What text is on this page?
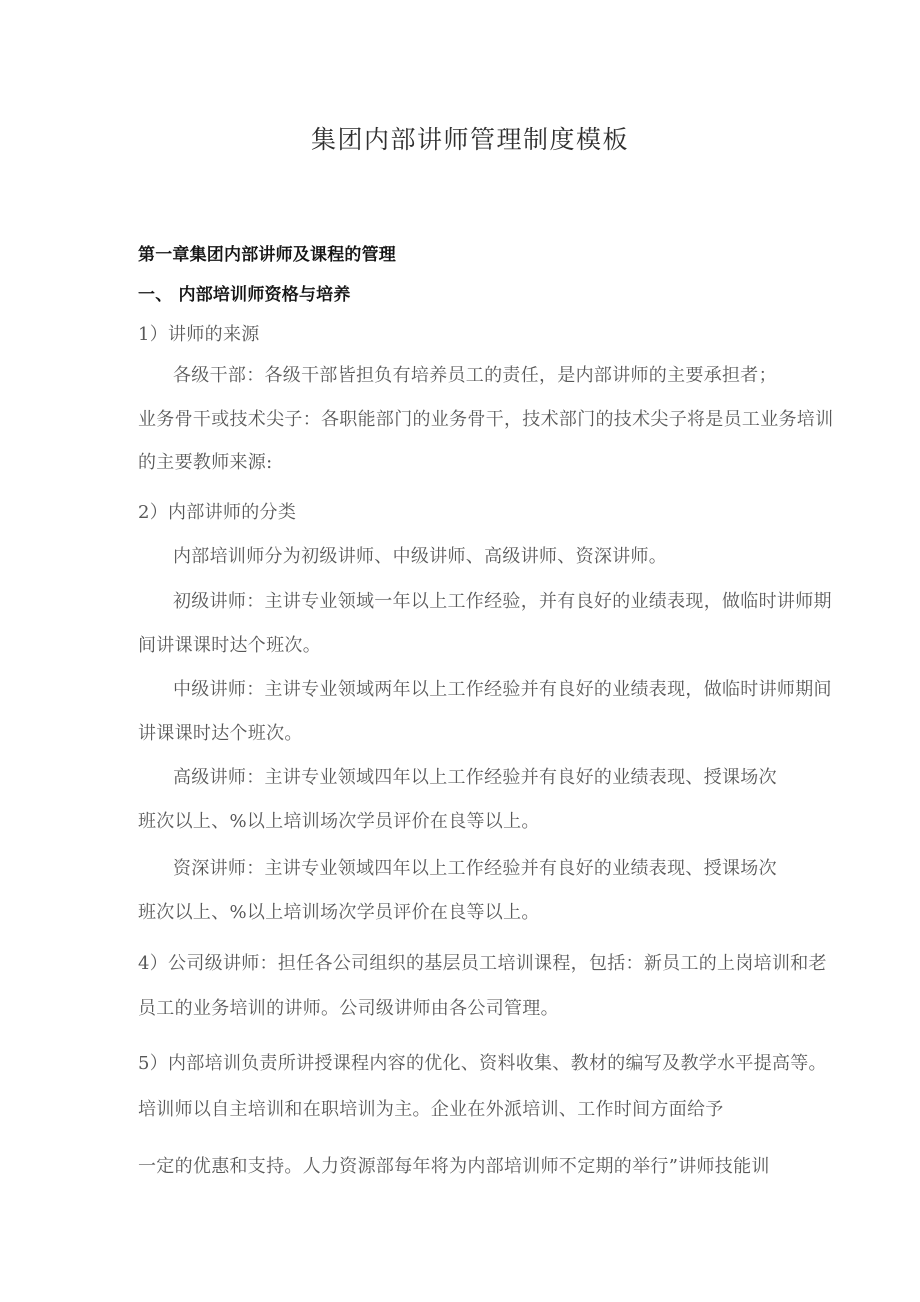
集团内部讲师管理制度模板
第一章集团内部讲师及课程的管理
一、 内部培训师资格与培养
1）讲师的来源
各级干部：各级干部皆担负有培养员工的责任，是内部讲师的主要承担者；
业务骨干或技术尖子：各职能部门的业务骨干，技术部门的技术尖子将是员工业务培训
的主要教师来源:
2）内部讲师的分类
内部培训师分为初级讲师、中级讲师、高级讲师、资深讲师。
初级讲师：主讲专业领域一年以上工作经验，并有良好的业绩表现，做临时讲师期
间讲课课时达个班次。
中级讲师：主讲专业领域两年以上工作经验并有良好的业绩表现，做临时讲师期间
讲课课时达个班次。
高级讲师：主讲专业领域四年以上工作经验并有良好的业绩表现、授课场次
班次以上、%以上培训场次学员评价在良等以上。
资深讲师：主讲专业领域四年以上工作经验并有良好的业绩表现、授课场次
班次以上、%以上培训场次学员评价在良等以上。
4）公司级讲师：担任各公司组织的基层员工培训课程，包括：新员工的上岗培训和老
员工的业务培训的讲师。公司级讲师由各公司管理。
5）内部培训负责所讲授课程内容的优化、资料收集、教材的编写及教学水平提高等。
培训师以自主培训和在职培训为主。企业在外派培训、工作时间方面给予
一定的优惠和支持。人力资源部每年将为内部培训师不定期的举行”讲师技能训
